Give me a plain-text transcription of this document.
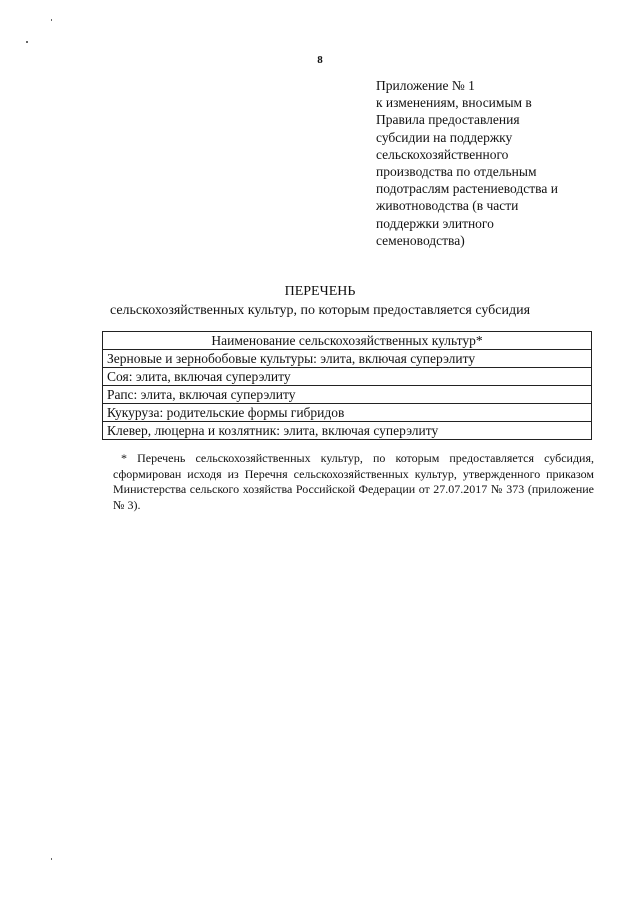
8
Приложение № 1
к изменениям, вносимым в
Правила предоставления
субсидии на поддержку
сельскохозяйственного
производства по отдельным
подотраслям растениеводства и
животноводства (в части
поддержки элитного
семеноводства)
ПЕРЕЧЕНЬ
сельскохозяйственных культур, по которым предоставляется субсидия
Наименование сельскохозяйственных культур*
Зерновые и зернобобовые культуры: элита, включая суперэлиту
Соя: элита, включая суперэлиту
Рапс: элита, включая суперэлиту
Кукуруза: родительские формы гибридов
Клевер, люцерна и козлятник: элита, включая суперэлиту
* Перечень сельскохозяйственных культур, по которым предоставляется субсидия, сформирован исходя из Перечня сельскохозяйственных культур, утвержденного приказом Министерства сельского хозяйства Российской Федерации от 27.07.2017 № 373 (приложение № 3).
